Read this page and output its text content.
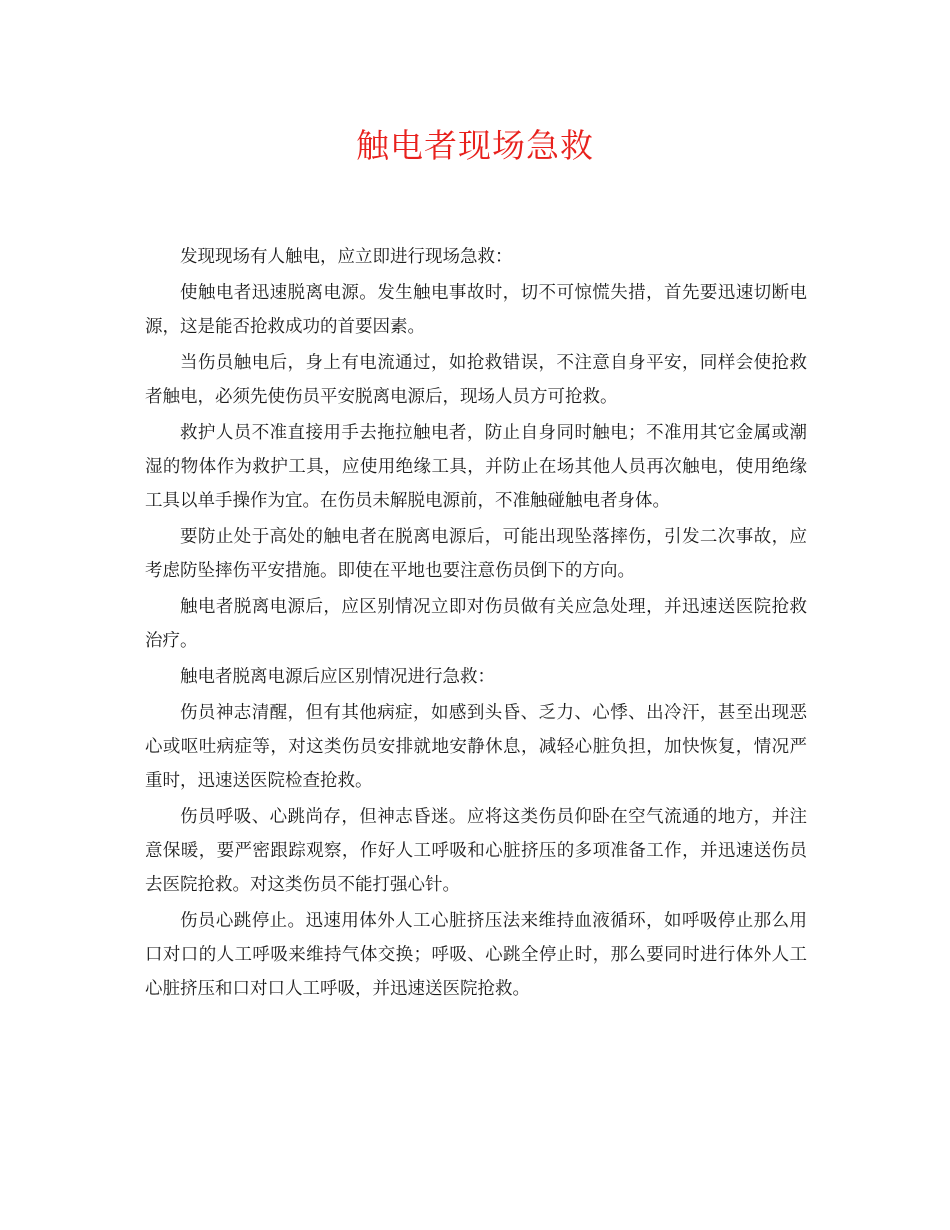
触电者现场急救

发现现场有人触电，应立即进行现场急救：

使触电者迅速脱离电源。发生触电事故时，切不可惊慌失措，首先要迅速切断电源，这是能否抢救成功的首要因素。

当伤员触电后，身上有电流通过，如抢救错误，不注意自身平安，同样会使抢救者触电，必须先使伤员平安脱离电源后，现场人员方可抢救。

救护人员不准直接用手去拖拉触电者，防止自身同时触电；不准用其它金属或潮湿的物体作为救护工具，应使用绝缘工具，并防止在场其他人员再次触电，使用绝缘工具以单手操作为宜。在伤员未解脱电源前，不准触碰触电者身体。

要防止处于高处的触电者在脱离电源后，可能出现坠落摔伤，引发二次事故，应考虑防坠摔伤平安措施。即使在平地也要注意伤员倒下的方向。

触电者脱离电源后，应区别情况立即对伤员做有关应急处理，并迅速送医院抢救治疗。

触电者脱离电源后应区别情况进行急救：

伤员神志清醒，但有其他病症，如感到头昏、乏力、心悸、出冷汗，甚至出现恶心或呕吐病症等，对这类伤员安排就地安静休息，减轻心脏负担，加快恢复，情况严重时，迅速送医院检查抢救。

伤员呼吸、心跳尚存，但神志昏迷。应将这类伤员仰卧在空气流通的地方，并注意保暖，要严密跟踪观察，作好人工呼吸和心脏挤压的多项准备工作，并迅速送伤员去医院抢救。对这类伤员不能打强心针。

伤员心跳停止。迅速用体外人工心脏挤压法来维持血液循环，如呼吸停止那么用口对口的人工呼吸来维持气体交换；呼吸、心跳全停止时，那么要同时进行体外人工心脏挤压和口对口人工呼吸，并迅速送医院抢救。
